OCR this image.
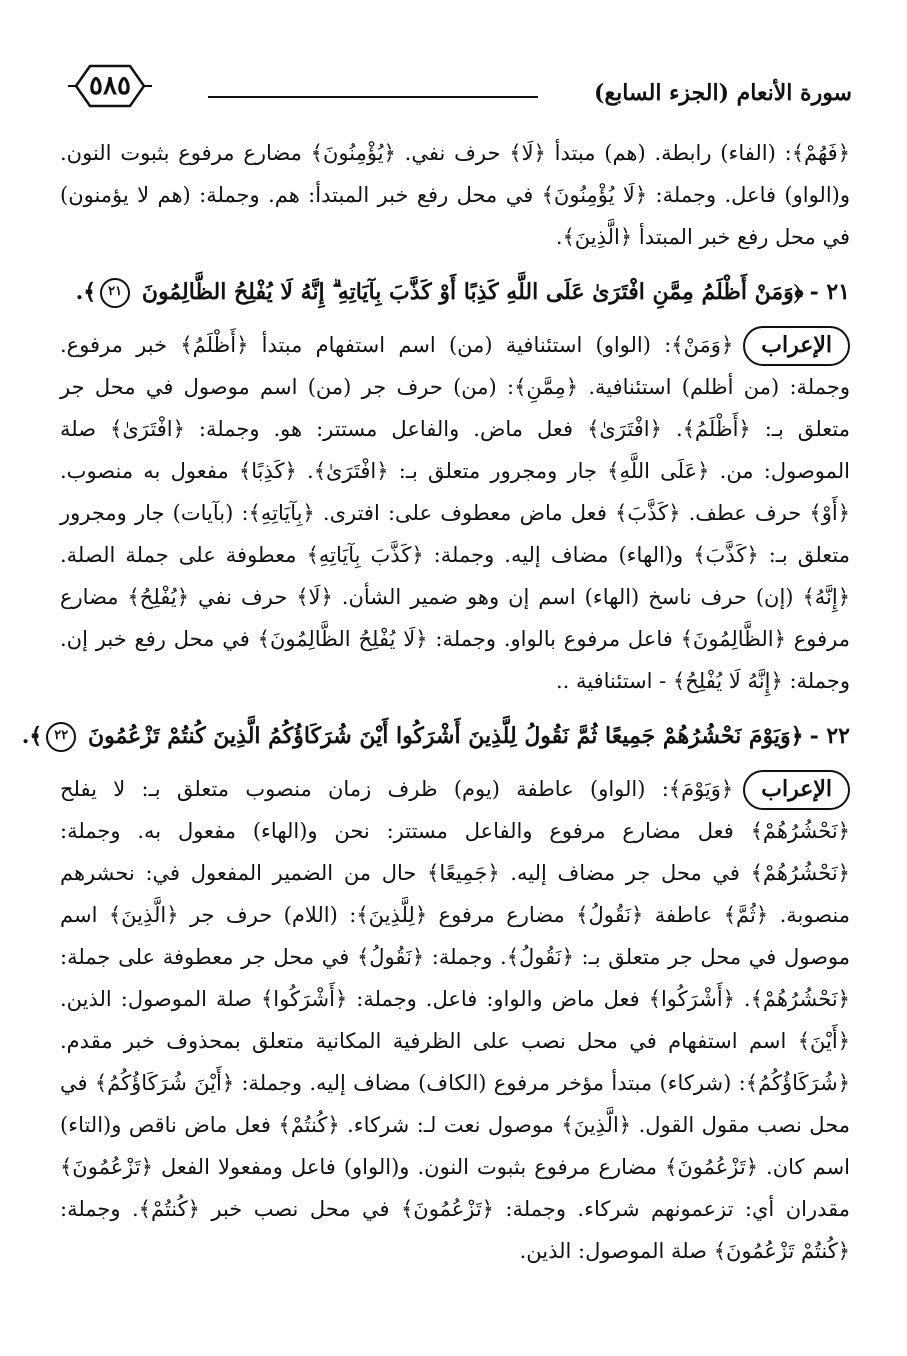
سورة الأنعام (الجزء السابع)
٥٨٥

﴿فَهُمْ﴾: (الفاء) رابطة. (هم) مبتدأ ﴿لَا﴾ حرف نفي. ﴿يُؤْمِنُونَ﴾ مضارع مرفوع بثبوت النون. و(الواو) فاعل. وجملة: ﴿لَا يُؤْمِنُونَ﴾ في محل رفع خبر المبتدأ: هم. وجملة: (هم لا يؤمنون) في محل رفع خبر المبتدأ ﴿الَّذِينَ﴾.

٢١ -﴿وَمَنْ أَظْلَمُ مِمَّنِ افْتَرَىٰ عَلَى اللَّهِ كَذِبًا أَوْ كَذَّبَ بِآيَاتِهِ ۗ إِنَّهُ لَا يُفْلِحُ الظَّالِمُونَ ٢١﴾.

الإعراب
﴿وَمَنْ﴾: (الواو) استئنافية (من) اسم استفهام مبتدأ ﴿أَظْلَمُ﴾ خبر مرفوع. وجملة: (من أظلم) استئنافية. ﴿مِمَّنِ﴾: (من) حرف جر (من) اسم موصول في محل جر متعلق بـ: ﴿أَظْلَمُ﴾. ﴿افْتَرَىٰ﴾ فعل ماض. والفاعل مستتر: هو. وجملة: ﴿افْتَرَىٰ﴾ صلة الموصول: من. ﴿عَلَى اللَّهِ﴾ جار ومجرور متعلق بـ: ﴿افْتَرَىٰ﴾. ﴿كَذِبًا﴾ مفعول به منصوب. ﴿أَوْ﴾ حرف عطف. ﴿كَذَّبَ﴾ فعل ماض معطوف على: افترى. ﴿بِآيَاتِهِ﴾: (بآيات) جار ومجرور متعلق بـ: ﴿كَذَّبَ﴾ و(الهاء) مضاف إليه. وجملة: ﴿كَذَّبَ بِآيَاتِهِ﴾ معطوفة على جملة الصلة. ﴿إِنَّهُ﴾ (إن) حرف ناسخ (الهاء) اسم إن وهو ضمير الشأن. ﴿لَا﴾ حرف نفي ﴿يُفْلِحُ﴾ مضارع مرفوع ﴿الظَّالِمُونَ﴾ فاعل مرفوع بالواو. وجملة: ﴿لَا يُفْلِحُ الظَّالِمُونَ﴾ في محل رفع خبر إن. وجملة: ﴿إِنَّهُ لَا يُفْلِحُ﴾ - استئنافية ..

٢٢ -﴿وَيَوْمَ نَحْشُرُهُمْ جَمِيعًا ثُمَّ نَقُولُ لِلَّذِينَ أَشْرَكُوا أَيْنَ شُرَكَاؤُكُمُ الَّذِينَ كُنتُمْ تَزْعُمُونَ ٢٢﴾.

الإعراب
﴿وَيَوْمَ﴾: (الواو) عاطفة (يوم) ظرف زمان منصوب متعلق بـ: لا يفلح ﴿نَحْشُرُهُمْ﴾ فعل مضارع مرفوع والفاعل مستتر: نحن و(الهاء) مفعول به. وجملة: ﴿نَحْشُرُهُمْ﴾ في محل جر مضاف إليه. ﴿جَمِيعًا﴾ حال من الضمير المفعول في: نحشرهم منصوبة. ﴿ثُمَّ﴾ عاطفة ﴿نَقُولُ﴾ مضارع مرفوع ﴿لِلَّذِينَ﴾: (اللام) حرف جر ﴿الَّذِينَ﴾ اسم موصول في محل جر متعلق بـ: ﴿نَقُولُ﴾. وجملة: ﴿نَقُولُ﴾ في محل جر معطوفة على جملة: ﴿نَحْشُرُهُمْ﴾. ﴿أَشْرَكُوا﴾ فعل ماض والواو: فاعل. وجملة: ﴿أَشْرَكُوا﴾ صلة الموصول: الذين. ﴿أَيْنَ﴾ اسم استفهام في محل نصب على الظرفية المكانية متعلق بمحذوف خبر مقدم. ﴿شُرَكَاؤُكُمُ﴾: (شركاء) مبتدأ مؤخر مرفوع (الكاف) مضاف إليه. وجملة: ﴿أَيْنَ شُرَكَاؤُكُمُ﴾ في محل نصب مقول القول. ﴿الَّذِينَ﴾ موصول نعت لـ: شركاء. ﴿كُنتُمْ﴾ فعل ماض ناقص و(التاء) اسم كان. ﴿تَزْعُمُونَ﴾ مضارع مرفوع بثبوت النون. و(الواو) فاعل ومفعولا الفعل ﴿تَزْعُمُونَ﴾ مقدران أي: تزعمونهم شركاء. وجملة: ﴿تَزْعُمُونَ﴾ في محل نصب خبر ﴿كُنتُمْ﴾. وجملة: ﴿كُنتُمْ تَزْعُمُونَ﴾ صلة الموصول: الذين.
